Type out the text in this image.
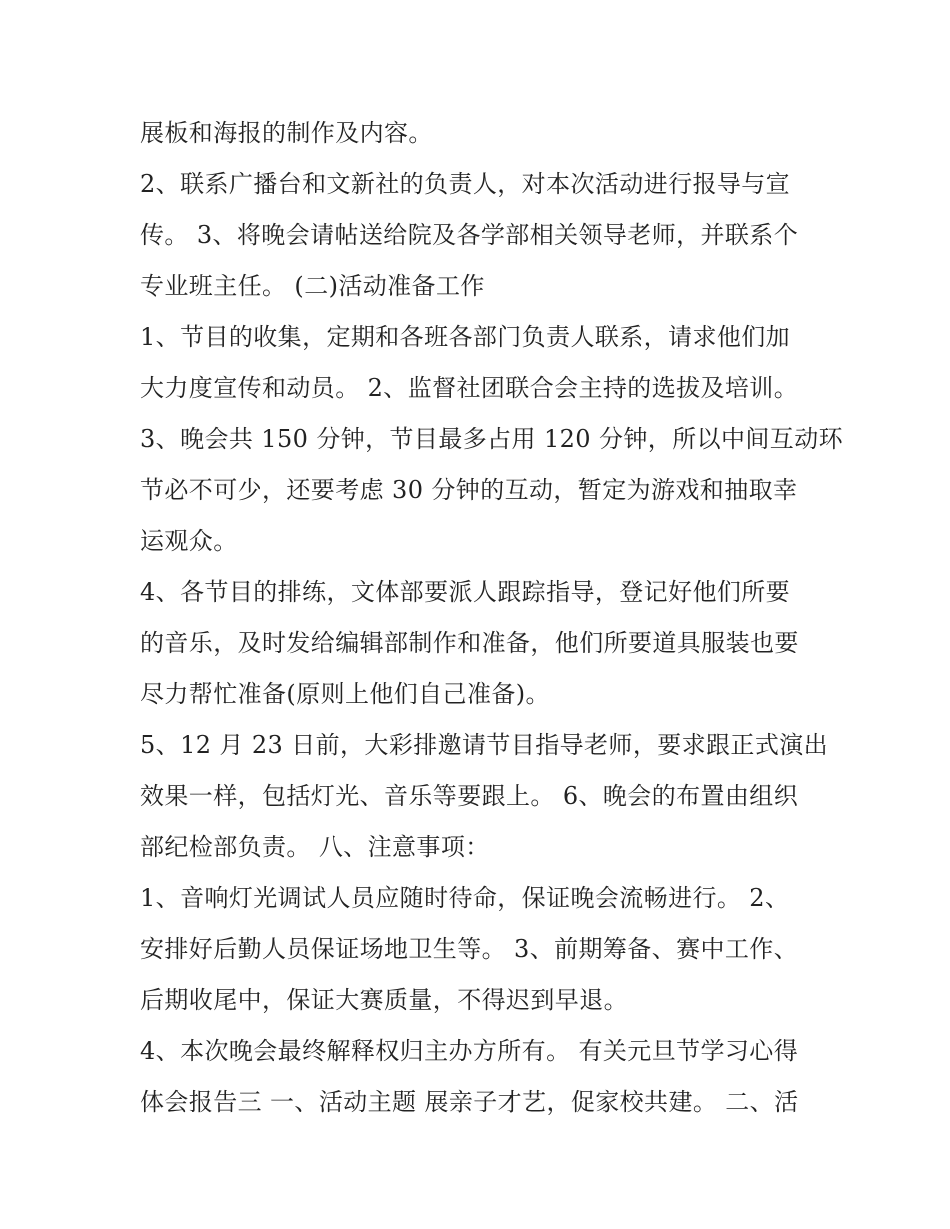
展板和海报的制作及内容。
2、联系广播台和文新社的负责人，对本次活动进行报导与宣
传。 3、将晚会请帖送给院及各学部相关领导老师，并联系个
专业班主任。 (二)活动准备工作
1、节目的收集，定期和各班各部门负责人联系，请求他们加
大力度宣传和动员。 2、监督社团联合会主持的选拔及培训。
3、晚会共 150 分钟，节目最多占用 120 分钟，所以中间互动环
节必不可少，还要考虑 30 分钟的互动，暂定为游戏和抽取幸
运观众。
4、各节目的排练，文体部要派人跟踪指导，登记好他们所要
的音乐，及时发给编辑部制作和准备，他们所要道具服装也要
尽力帮忙准备(原则上他们自己准备)。
5、12 月 23 日前，大彩排邀请节目指导老师，要求跟正式演出
效果一样，包括灯光、音乐等要跟上。 6、晚会的布置由组织
部纪检部负责。 八、注意事项：
1、音响灯光调试人员应随时待命，保证晚会流畅进行。 2、
安排好后勤人员保证场地卫生等。 3、前期筹备、赛中工作、
后期收尾中，保证大赛质量，不得迟到早退。
4、本次晚会最终解释权归主办方所有。 有关元旦节学习心得
体会报告三 一、活动主题 展亲子才艺，促家校共建。 二、活
